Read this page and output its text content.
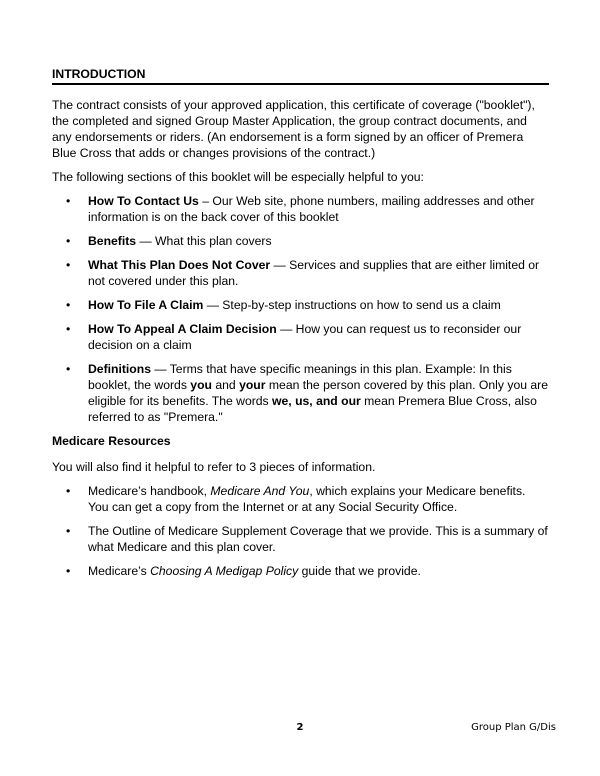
INTRODUCTION

The contract consists of your approved application, this certificate of coverage ("booklet"), the completed and signed Group Master Application, the group contract documents, and any endorsements or riders. (An endorsement is a form signed by an officer of Premera Blue Cross that adds or changes provisions of the contract.)

The following sections of this booklet will be especially helpful to you:

• How To Contact Us – Our Web site, phone numbers, mailing addresses and other information is on the back cover of this booklet
• Benefits — What this plan covers
• What This Plan Does Not Cover — Services and supplies that are either limited or not covered under this plan.
• How To File A Claim — Step-by-step instructions on how to send us a claim
• How To Appeal A Claim Decision — How you can request us to reconsider our decision on a claim
• Definitions — Terms that have specific meanings in this plan. Example: In this booklet, the words you and your mean the person covered by this plan. Only you are eligible for its benefits. The words we, us, and our mean Premera Blue Cross, also referred to as "Premera."
Medicare Resources

You will also find it helpful to refer to 3 pieces of information.

• Medicare’s handbook, Medicare And You, which explains your Medicare benefits. You can get a copy from the Internet or at any Social Security Office.
• The Outline of Medicare Supplement Coverage that we provide. This is a summary of what Medicare and this plan cover.
• Medicare’s Choosing A Medigap Policy guide that we provide.
2	Group Plan G/Dis
